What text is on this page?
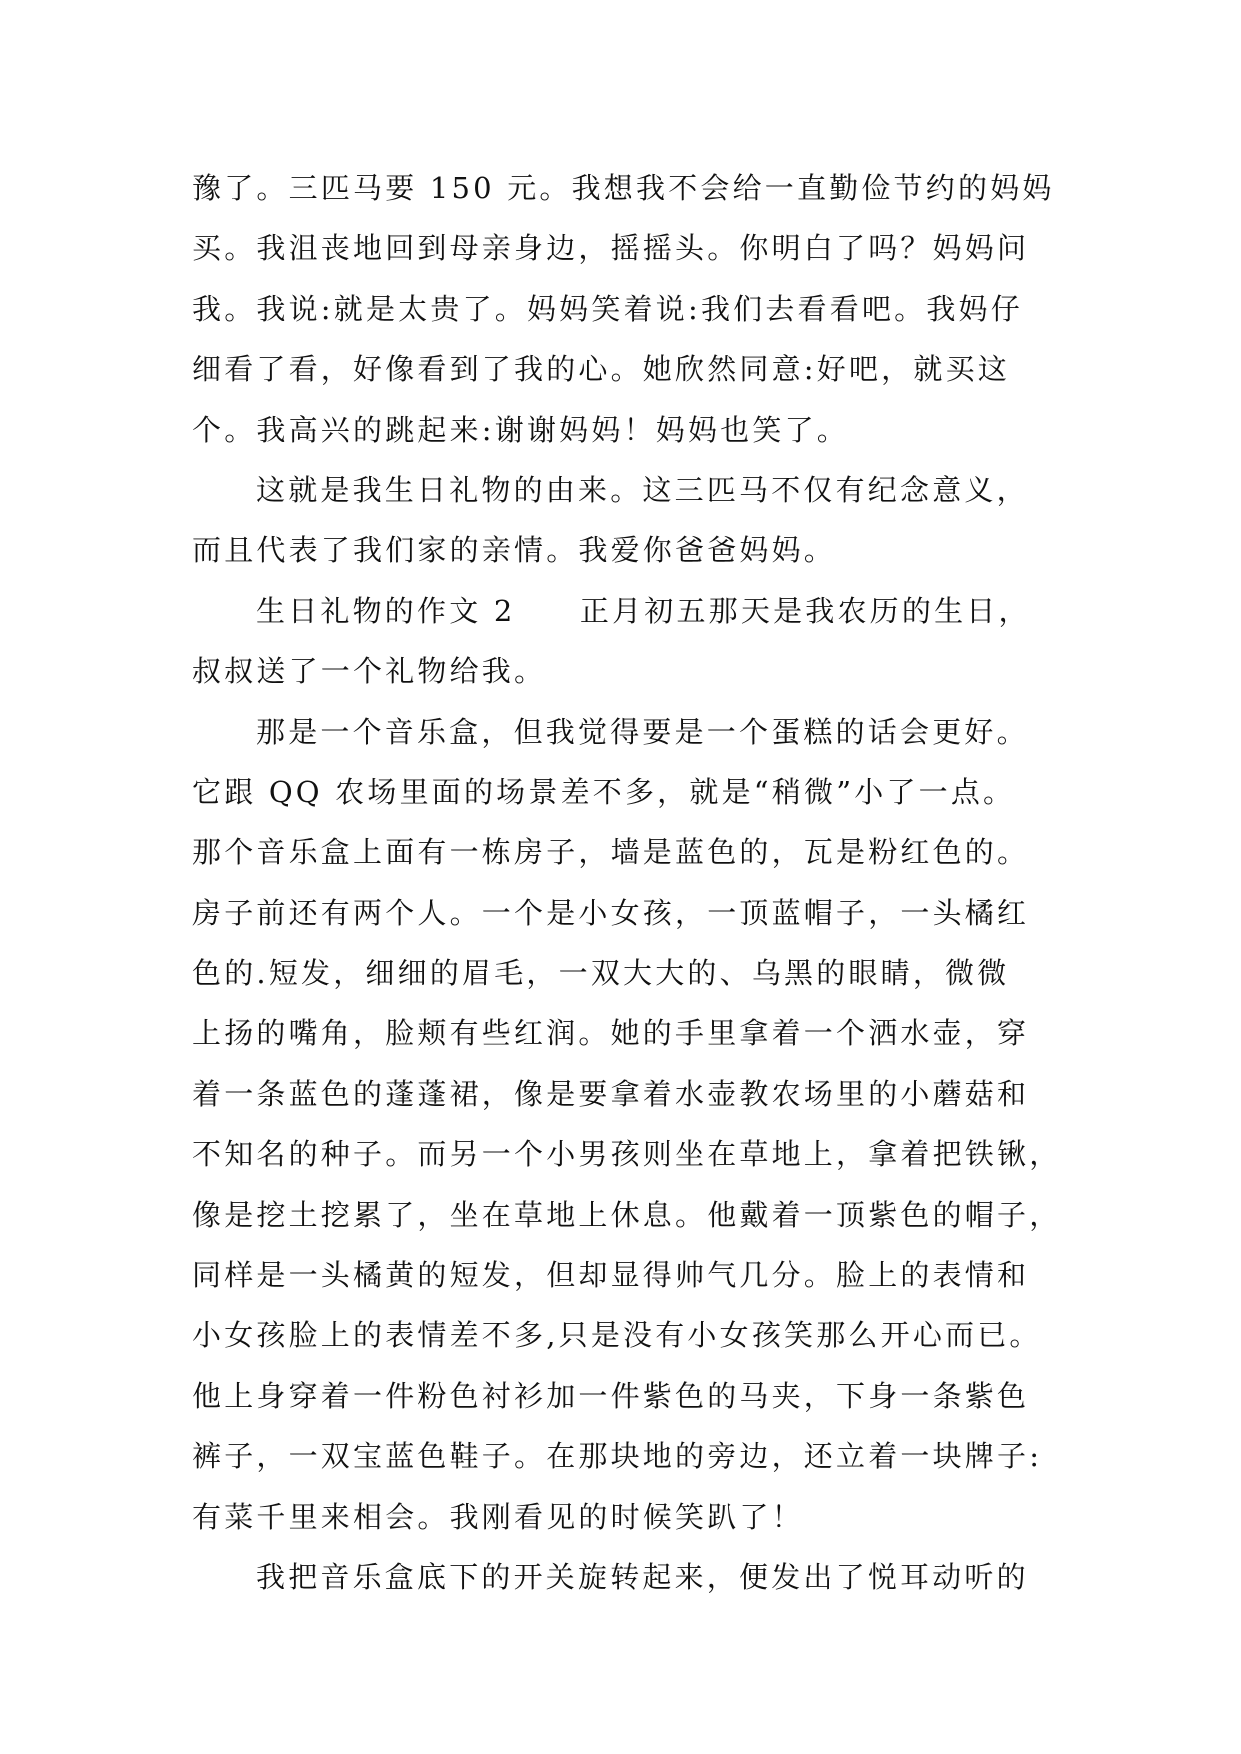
豫了。三匹马要 150 元。我想我不会给一直勤俭节约的妈妈
买。我沮丧地回到母亲身边，摇摇头。你明白了吗？妈妈问
我。我说:就是太贵了。妈妈笑着说:我们去看看吧。我妈仔
细看了看，好像看到了我的心。她欣然同意:好吧，就买这
个。我高兴的跳起来:谢谢妈妈！妈妈也笑了。
这就是我生日礼物的由来。这三匹马不仅有纪念意义，
而且代表了我们家的亲情。我爱你爸爸妈妈。
生日礼物的作文 2　　正月初五那天是我农历的生日，
叔叔送了一个礼物给我。
那是一个音乐盒，但我觉得要是一个蛋糕的话会更好。
它跟 QQ 农场里面的场景差不多，就是“稍微”小了一点。
那个音乐盒上面有一栋房子，墙是蓝色的，瓦是粉红色的。
房子前还有两个人。一个是小女孩，一顶蓝帽子，一头橘红
色的.短发，细细的眉毛，一双大大的、乌黑的眼睛，微微
上扬的嘴角，脸颊有些红润。她的手里拿着一个洒水壶，穿
着一条蓝色的蓬蓬裙，像是要拿着水壶教农场里的小蘑菇和
不知名的种子。而另一个小男孩则坐在草地上，拿着把铁锹，
像是挖土挖累了，坐在草地上休息。他戴着一顶紫色的帽子，
同样是一头橘黄的短发，但却显得帅气几分。脸上的表情和
小女孩脸上的表情差不多,只是没有小女孩笑那么开心而已。
他上身穿着一件粉色衬衫加一件紫色的马夹，下身一条紫色
裤子，一双宝蓝色鞋子。在那块地的旁边，还立着一块牌子:
有菜千里来相会。我刚看见的时候笑趴了！
我把音乐盒底下的开关旋转起来，便发出了悦耳动听的
